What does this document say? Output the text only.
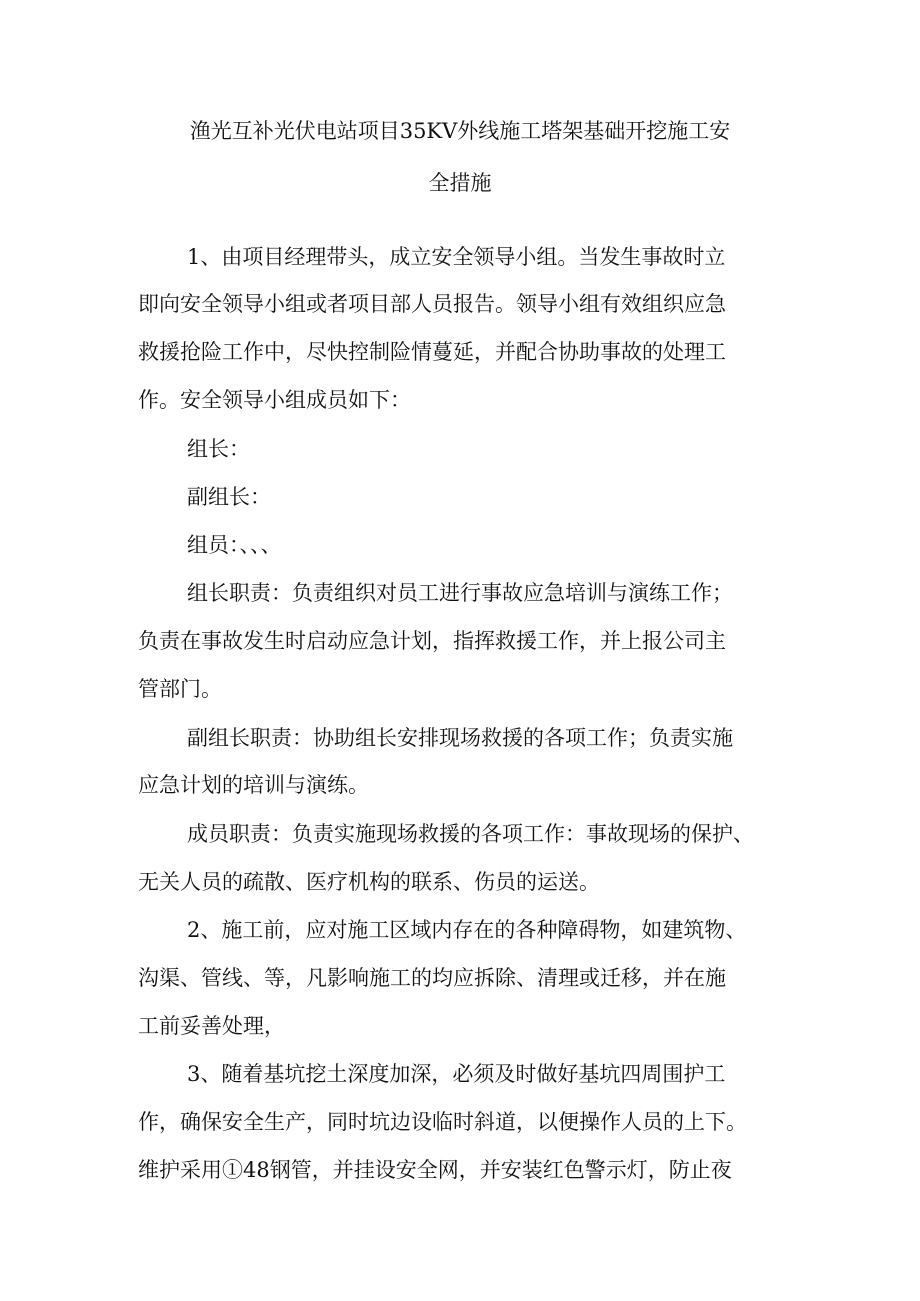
渔光互补光伏电站项目35KV外线施工塔架基础开挖施工安
全措施
1、由项目经理带头，成立安全领导小组。当发生事故时立
即向安全领导小组或者项目部人员报告。领导小组有效组织应急
救援抢险工作中，尽快控制险情蔓延，并配合协助事故的处理工
作。安全领导小组成员如下：
组长：
副组长：
组员：、、、
组长职责：负责组织对员工进行事故应急培训与演练工作；
负责在事故发生时启动应急计划，指挥救援工作，并上报公司主
管部门。
副组长职责：协助组长安排现场救援的各项工作；负责实施
应急计划的培训与演练。
成员职责：负责实施现场救援的各项工作：事故现场的保护、
无关人员的疏散、医疗机构的联系、伤员的运送。
2、施工前，应对施工区域内存在的各种障碍物，如建筑物、
沟渠、管线、等，凡影响施工的均应拆除、清理或迁移，并在施
工前妥善处理，
3、随着基坑挖土深度加深，必须及时做好基坑四周围护工
作，确保安全生产，同时坑边设临时斜道，以便操作人员的上下。
维护采用①48钢管，并挂设安全网，并安装红色警示灯，防止夜
